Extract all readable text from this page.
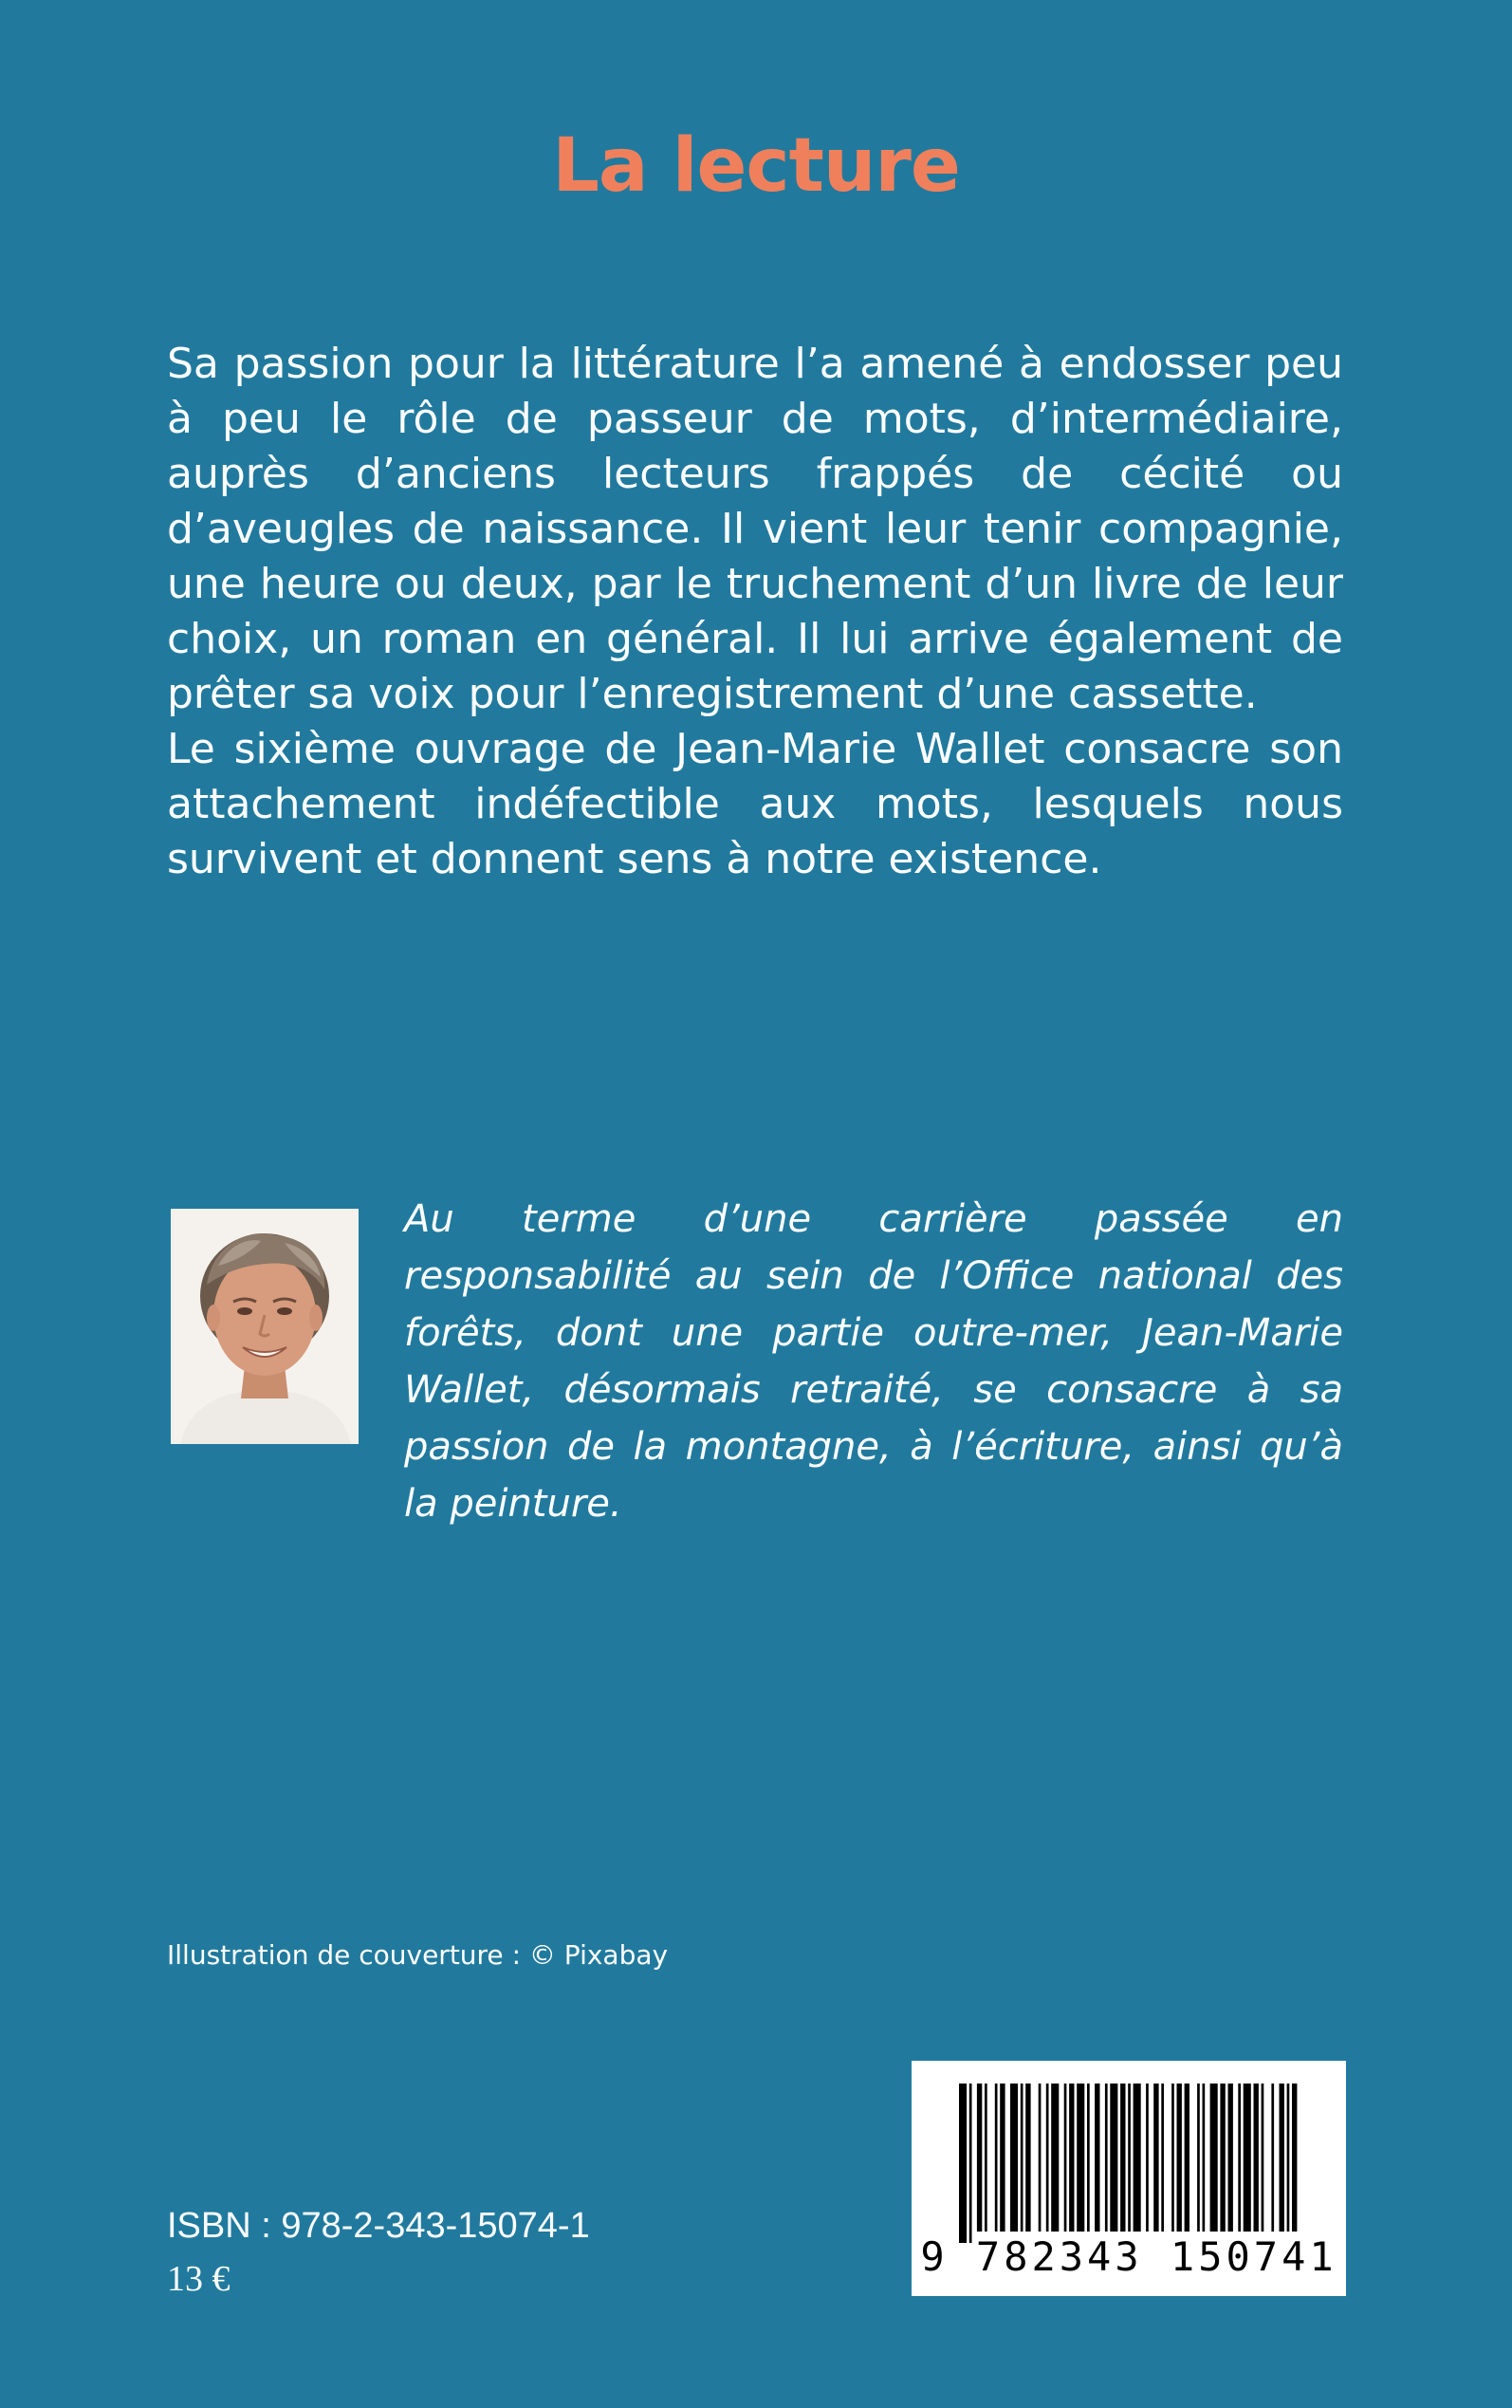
La lecture

Sa passion pour la littérature l’a amené à endosser peu à peu le rôle de passeur de mots, d’intermédiaire, auprès d’anciens lecteurs frappés de cécité ou d’aveugles de naissance. Il vient leur tenir compagnie, une heure ou deux, par le truchement d’un livre de leur choix, un roman en général. Il lui arrive également de prêter sa voix pour l’enregistrement d’une cassette.

Le sixième ouvrage de Jean-Marie Wallet consacre son attachement indéfectible aux mots, lesquels nous survivent et donnent sens à notre existence.

Au terme d’une carrière passée en responsabilité au sein de l’Office national des forêts, dont une partie outre-mer, Jean-Marie Wallet, désormais retraité, se consacre à sa passion de la montagne, à l’écriture, ainsi qu’à la peinture.

Illustration de couverture : © Pixabay

9 782343 150741

ISBN : 978-2-343-15074-1

13 €
